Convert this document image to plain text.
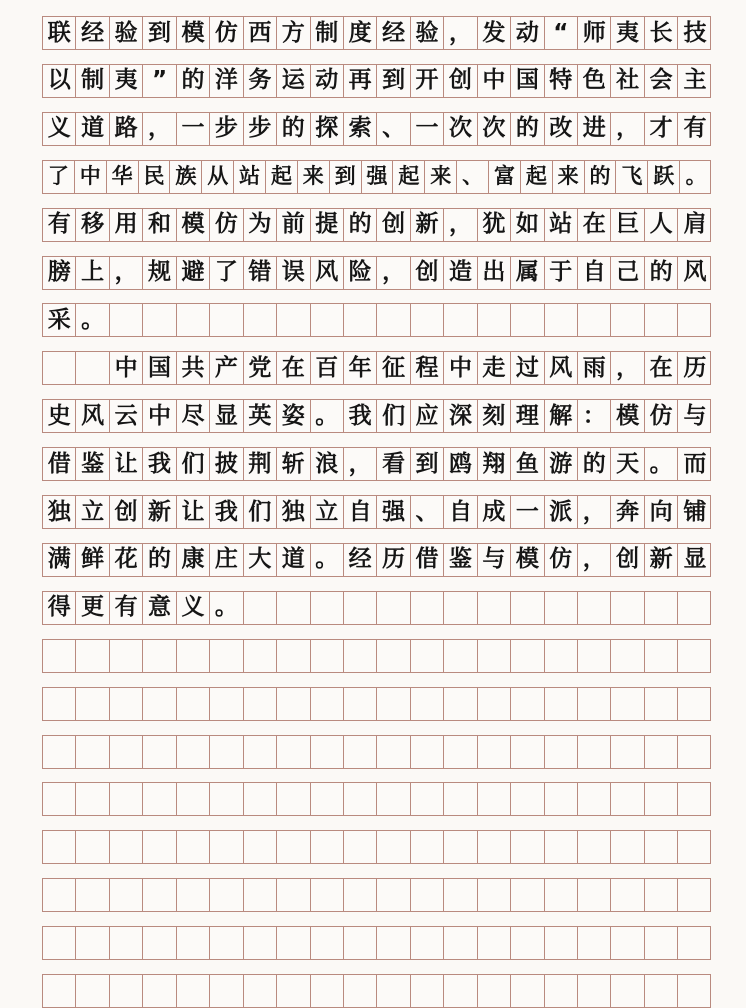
联 经 验 到 模 仿 西 方 制 度 经 验 ， 发 动 “ 师 夷 长 技
以 制 夷 ” 的 洋 务 运 动 再 到 开 创 中 国 特 色 社 会 主
义 道 路 ， 一 步 步 的 探 索 、 一 次 次 的 改 进 ， 才 有
了 中 华 民 族 从 站 起 来 到 强 起 来 、 富 起 来 的 飞 跃 。
有 移 用 和 模 仿 为 前 提 的 创 新 ， 犹 如 站 在 巨 人 肩
膀 上 ， 规 避 了 错 误 风 险 ， 创 造 出 属 于 自 己 的 风
采 。
中 国 共 产 党 在 百 年 征 程 中 走 过 风 雨 ， 在 历
史 风 云 中 尽 显 英 姿 。 我 们 应 深 刻 理 解 ： 模 仿 与
借 鉴 让 我 们 披 荆 斩 浪 ， 看 到 鸥 翔 鱼 游 的 天 。 而
独 立 创 新 让 我 们 独 立 自 强 、 自 成 一 派 ， 奔 向 铺
满 鲜 花 的 康 庄 大 道 。 经 历 借 鉴 与 模 仿 ， 创 新 显
得 更 有 意 义 。
